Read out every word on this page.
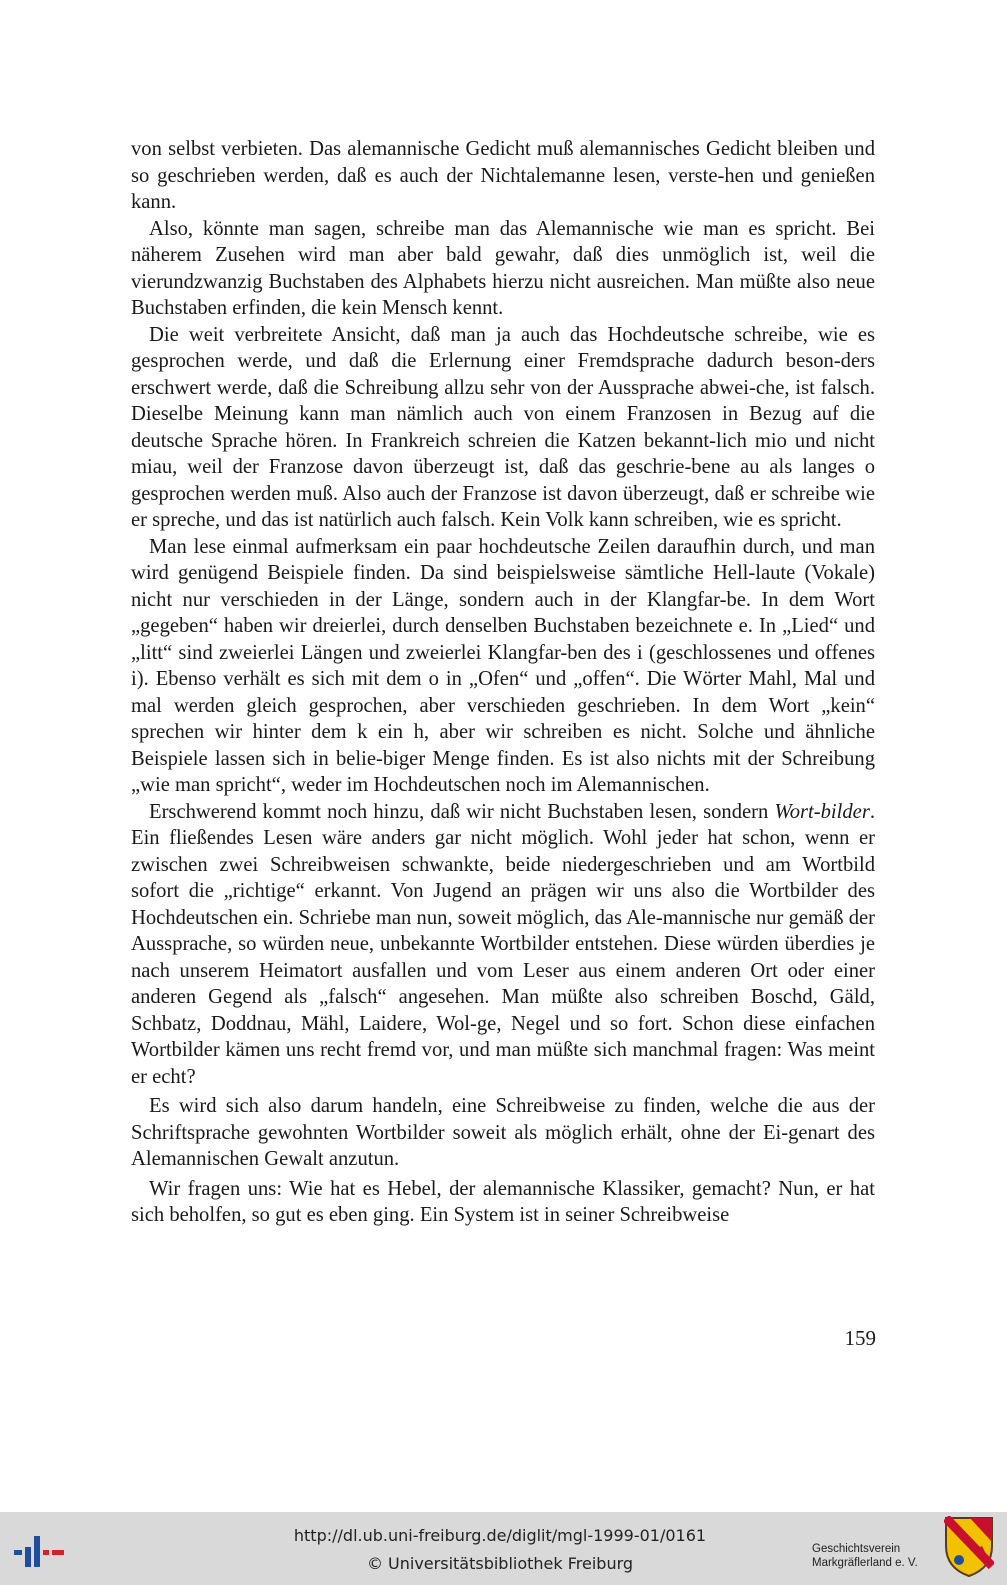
von selbst verbieten. Das alemannische Gedicht muß alemannisches Gedicht bleiben und so geschrieben werden, daß es auch der Nichtalemanne lesen, verste-hen und genießen kann.

Also, könnte man sagen, schreibe man das Alemannische wie man es spricht. Bei näherem Zusehen wird man aber bald gewahr, daß dies unmöglich ist, weil die vierundzwanzig Buchstaben des Alphabets hierzu nicht ausreichen. Man müßte also neue Buchstaben erfinden, die kein Mensch kennt.

Die weit verbreitete Ansicht, daß man ja auch das Hochdeutsche schreibe, wie es gesprochen werde, und daß die Erlernung einer Fremdsprache dadurch beson-ders erschwert werde, daß die Schreibung allzu sehr von der Aussprache abwei-che, ist falsch. Dieselbe Meinung kann man nämlich auch von einem Franzosen in Bezug auf die deutsche Sprache hören. In Frankreich schreien die Katzen bekannt-lich mio und nicht miau, weil der Franzose davon überzeugt ist, daß das geschrie-bene au als langes o gesprochen werden muß. Also auch der Franzose ist davon überzeugt, daß er schreibe wie er spreche, und das ist natürlich auch falsch. Kein Volk kann schreiben, wie es spricht.

Man lese einmal aufmerksam ein paar hochdeutsche Zeilen daraufhin durch, und man wird genügend Beispiele finden. Da sind beispielsweise sämtliche Hell-laute (Vokale) nicht nur verschieden in der Länge, sondern auch in der Klangfar-be. In dem Wort „gegeben“ haben wir dreierlei, durch denselben Buchstaben bezeichnete e. In „Lied“ und „litt“ sind zweierlei Längen und zweierlei Klangfar-ben des i (geschlossenes und offenes i). Ebenso verhält es sich mit dem o in „Ofen“ und „offen“. Die Wörter Mahl, Mal und mal werden gleich gesprochen, aber verschieden geschrieben. In dem Wort „kein“ sprechen wir hinter dem k ein h, aber wir schreiben es nicht. Solche und ähnliche Beispiele lassen sich in belie-biger Menge finden. Es ist also nichts mit der Schreibung „wie man spricht“, weder im Hochdeutschen noch im Alemannischen.

Erschwerend kommt noch hinzu, daß wir nicht Buchstaben lesen, sondern Wort-bilder. Ein fließendes Lesen wäre anders gar nicht möglich. Wohl jeder hat schon, wenn er zwischen zwei Schreibweisen schwankte, beide niedergeschrieben und am Wortbild sofort die „richtige“ erkannt. Von Jugend an prägen wir uns also die Wortbilder des Hochdeutschen ein. Schriebe man nun, soweit möglich, das Ale-mannische nur gemäß der Aussprache, so würden neue, unbekannte Wortbilder entstehen. Diese würden überdies je nach unserem Heimatort ausfallen und vom Leser aus einem anderen Ort oder einer anderen Gegend als „falsch“ angesehen. Man müßte also schreiben Boschd, Gäld, Schbatz, Doddnau, Mähl, Laidere, Wol-ge, Negel und so fort. Schon diese einfachen Wortbilder kämen uns recht fremd vor, und man müßte sich manchmal fragen: Was meint er echt?

Es wird sich also darum handeln, eine Schreibweise zu finden, welche die aus der Schriftsprache gewohnten Wortbilder soweit als möglich erhält, ohne der Ei-genart des Alemannischen Gewalt anzutun.

Wir fragen uns: Wie hat es Hebel, der alemannische Klassiker, gemacht? Nun, er hat sich beholfen, so gut es eben ging. Ein System ist in seiner Schreibweise

159
http://dl.ub.uni-freiburg.de/diglit/mgl-1999-01/0161
© Universitätsbibliothek Freiburg
Geschichtsverein
Markgräflerland e. V.
